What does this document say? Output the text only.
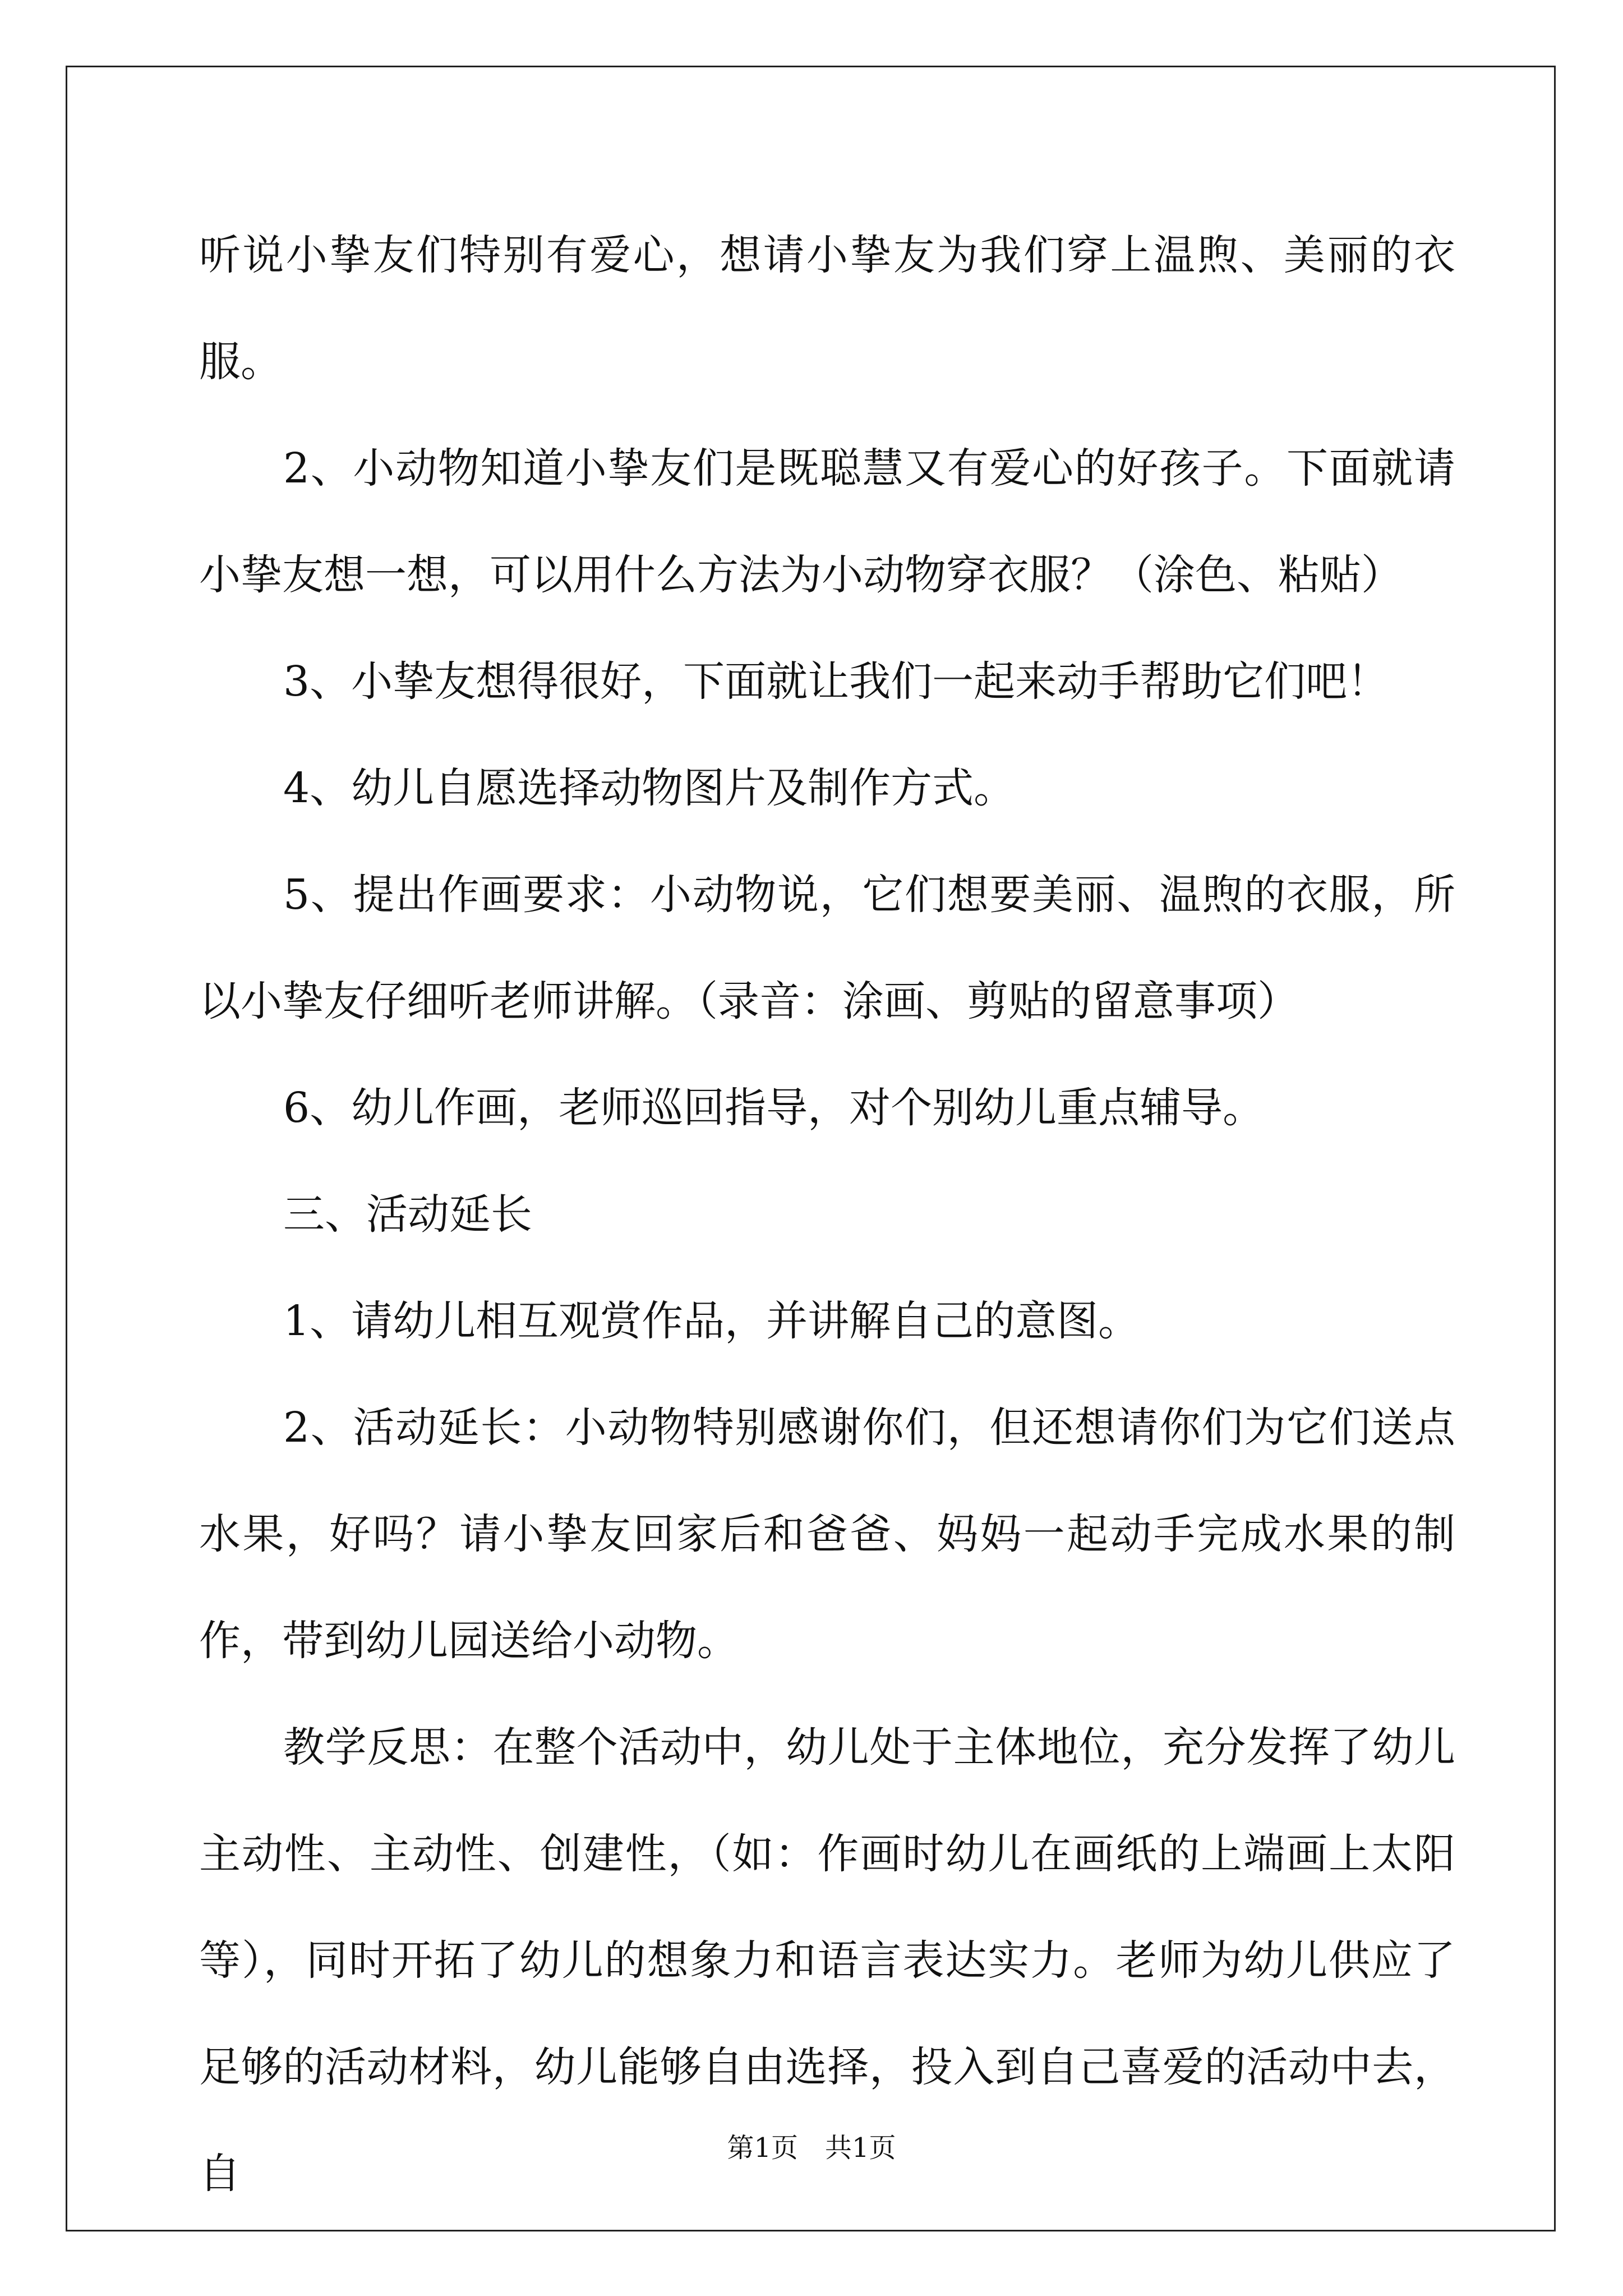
听说小挚友们特别有爱心，想请小挚友为我们穿上温煦、美丽的衣服。

2、小动物知道小挚友们是既聪慧又有爱心的好孩子。下面就请小挚友想一想，可以用什么方法为小动物穿衣服？（涂色、粘贴）

3、小挚友想得很好，下面就让我们一起来动手帮助它们吧！

4、幼儿自愿选择动物图片及制作方式。

5、提出作画要求：小动物说，它们想要美丽、温煦的衣服，所以小挚友仔细听老师讲解。（录音：涂画、剪贴的留意事项）

6、幼儿作画，老师巡回指导，对个别幼儿重点辅导。

三、活动延长

1、请幼儿相互观赏作品，并讲解自己的意图。

2、活动延长：小动物特别感谢你们，但还想请你们为它们送点水果，好吗？请小挚友回家后和爸爸、妈妈一起动手完成水果的制作，带到幼儿园送给小动物。

教学反思：在整个活动中，幼儿处于主体地位，充分发挥了幼儿主动性、主动性、创建性，（如：作画时幼儿在画纸的上端画上太阳等），同时开拓了幼儿的想象力和语言表达实力。老师为幼儿供应了足够的活动材料，幼儿能够自由选择，投入到自己喜爱的活动中去，自

第1页　共1页
